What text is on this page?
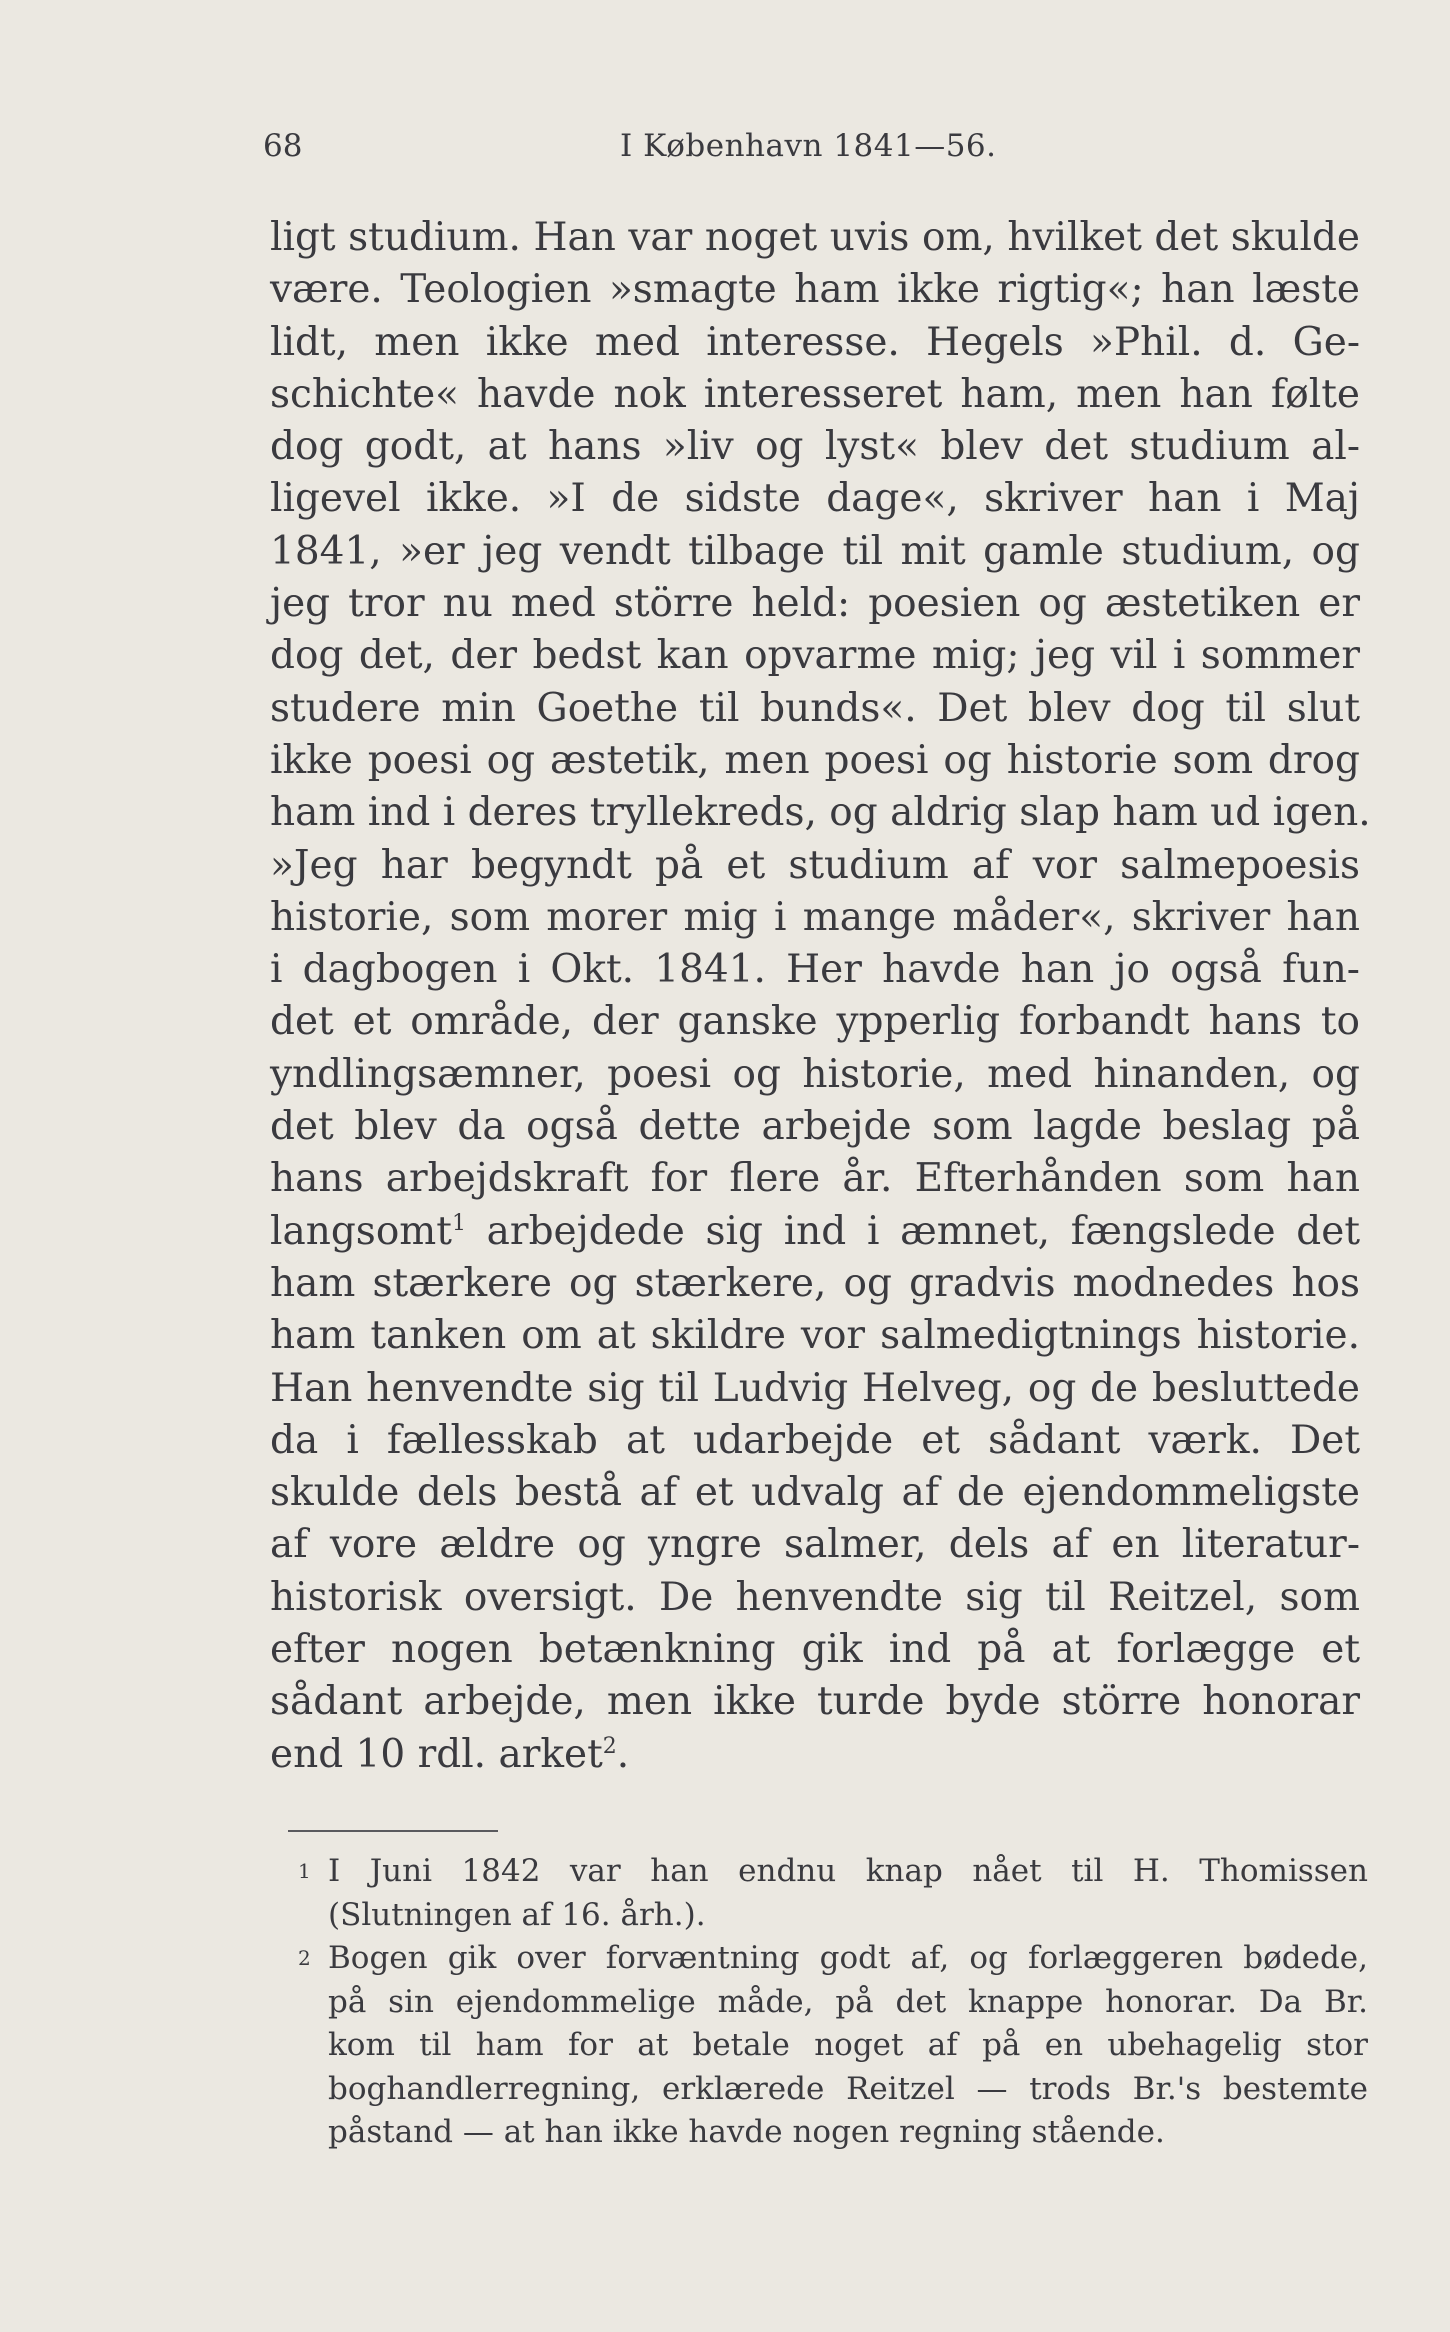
68	I København 1841—56.
ligt studium. Han var noget uvis om, hvilket det skulde
være. Teologien »smagte ham ikke rigtig«; han læste
lidt, men ikke med interesse. Hegels »Phil. d. Ge-
schichte« havde nok interesseret ham, men han følte
dog godt, at hans »liv og lyst« blev det studium al-
ligevel ikke. »I de sidste dage«, skriver han i Maj
1841, »er jeg vendt tilbage til mit gamle studium, og
jeg tror nu med större held: poesien og æstetiken er
dog det, der bedst kan opvarme mig; jeg vil i sommer
studere min Goethe til bunds«. Det blev dog til slut
ikke poesi og æstetik, men poesi og historie som drog
ham ind i deres tryllekreds, og aldrig slap ham ud igen.
»Jeg har begyndt på et studium af vor salmepoesis
historie, som morer mig i mange måder«, skriver han
i dagbogen i Okt. 1841. Her havde han jo også fun-
det et område, der ganske ypperlig forbandt hans to
yndlingsæmner, poesi og historie, med hinanden, og
det blev da også dette arbejde som lagde beslag på
hans arbejdskraft for flere år. Efterhånden som han
langsomt$^1$ arbejdede sig ind i æmnet, fængslede det
ham stærkere og stærkere, og gradvis modnedes hos
ham tanken om at skildre vor salmedigtnings historie.
Han henvendte sig til Ludvig Helveg, og de besluttede
da i fællesskab at udarbejde et sådant værk. Det
skulde dels bestå af et udvalg af de ejendommeligste
af vore ældre og yngre salmer, dels af en literatur-
historisk oversigt. De henvendte sig til Reitzel, som
efter nogen betænkning gik ind på at forlægge et
sådant arbejde, men ikke turde byde större honorar
end 10 rdl. arket$^2$.
1 I Juni 1842 var han endnu knap nået til H. Thomissen
(Slutningen af 16. årh.).
2 Bogen gik over forvæntning godt af, og forlæggeren bødede,
på sin ejendommelige måde, på det knappe honorar. Da Br.
kom til ham for at betale noget af på en ubehagelig stor
boghandlerregning, erklærede Reitzel — trods Br.'s bestemte
påstand — at han ikke havde nogen regning stående.
